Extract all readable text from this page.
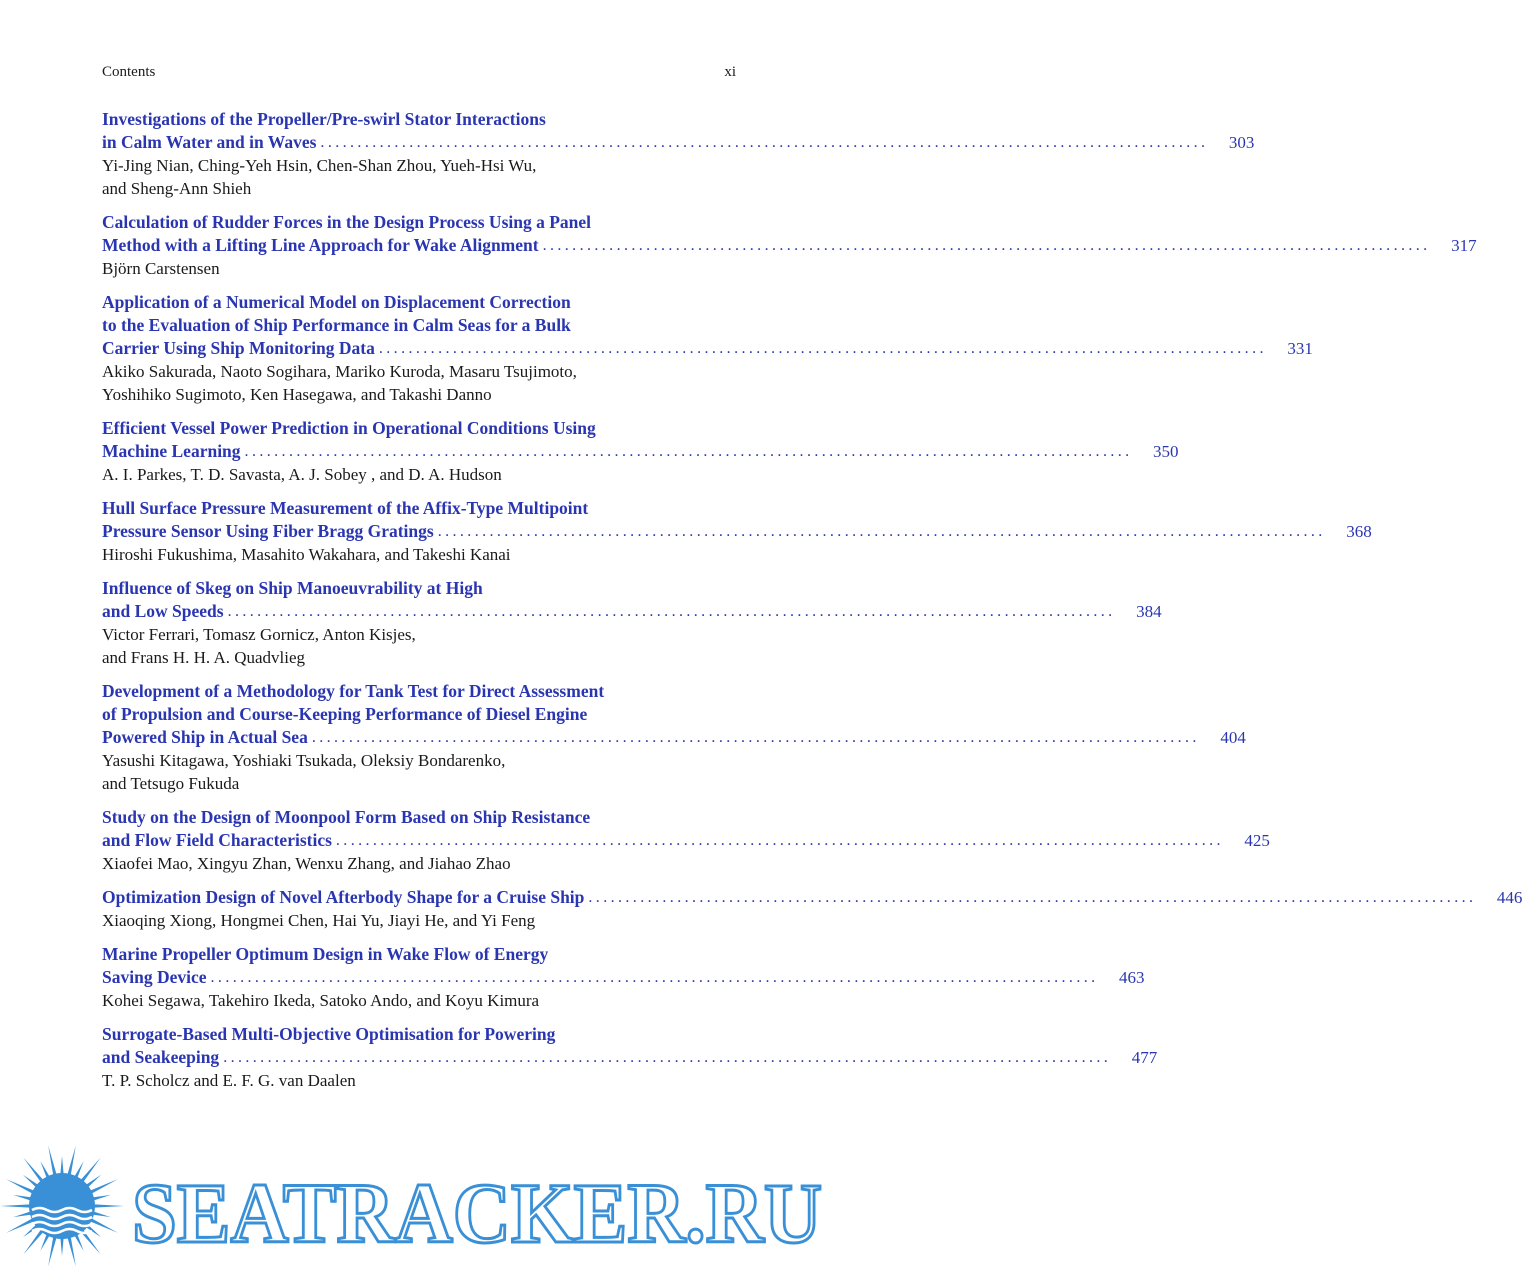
Contents	xi
Investigations of the Propeller/Pre-swirl Stator Interactions
in Calm Water and in Waves ........................................................................................................................	303
Yi-Jing Nian, Ching-Yeh Hsin, Chen-Shan Zhou, Yueh-Hsi Wu,
and Sheng-Ann Shieh
Calculation of Rudder Forces in the Design Process Using a Panel
Method with a Lifting Line Approach for Wake Alignment ........................................................................................................................	317
Björn Carstensen
Application of a Numerical Model on Displacement Correction
to the Evaluation of Ship Performance in Calm Seas for a Bulk
Carrier Using Ship Monitoring Data ........................................................................................................................	331
Akiko Sakurada, Naoto Sogihara, Mariko Kuroda, Masaru Tsujimoto,
Yoshihiko Sugimoto, Ken Hasegawa, and Takashi Danno
Efficient Vessel Power Prediction in Operational Conditions Using
Machine Learning ........................................................................................................................	350
A. I. Parkes, T. D. Savasta, A. J. Sobey , and D. A. Hudson
Hull Surface Pressure Measurement of the Affix-Type Multipoint
Pressure Sensor Using Fiber Bragg Gratings ........................................................................................................................	368
Hiroshi Fukushima, Masahito Wakahara, and Takeshi Kanai
Influence of Skeg on Ship Manoeuvrability at High
and Low Speeds ........................................................................................................................	384
Victor Ferrari, Tomasz Gornicz, Anton Kisjes,
and Frans H. H. A. Quadvlieg
Development of a Methodology for Tank Test for Direct Assessment
of Propulsion and Course-Keeping Performance of Diesel Engine
Powered Ship in Actual Sea ........................................................................................................................	404
Yasushi Kitagawa, Yoshiaki Tsukada, Oleksiy Bondarenko,
and Tetsugo Fukuda
Study on the Design of Moonpool Form Based on Ship Resistance
and Flow Field Characteristics ........................................................................................................................	425
Xiaofei Mao, Xingyu Zhan, Wenxu Zhang, and Jiahao Zhao
Optimization Design of Novel Afterbody Shape for a Cruise Ship ........................................................................................................................	446
Xiaoqing Xiong, Hongmei Chen, Hai Yu, Jiayi He, and Yi Feng
Marine Propeller Optimum Design in Wake Flow of Energy
Saving Device ........................................................................................................................	463
Kohei Segawa, Takehiro Ikeda, Satoko Ando, and Koyu Kimura
Surrogate-Based Multi-Objective Optimisation for Powering
and Seakeeping ........................................................................................................................	477
T. P. Scholcz and E. F. G. van Daalen
SEATRACKER.RU
